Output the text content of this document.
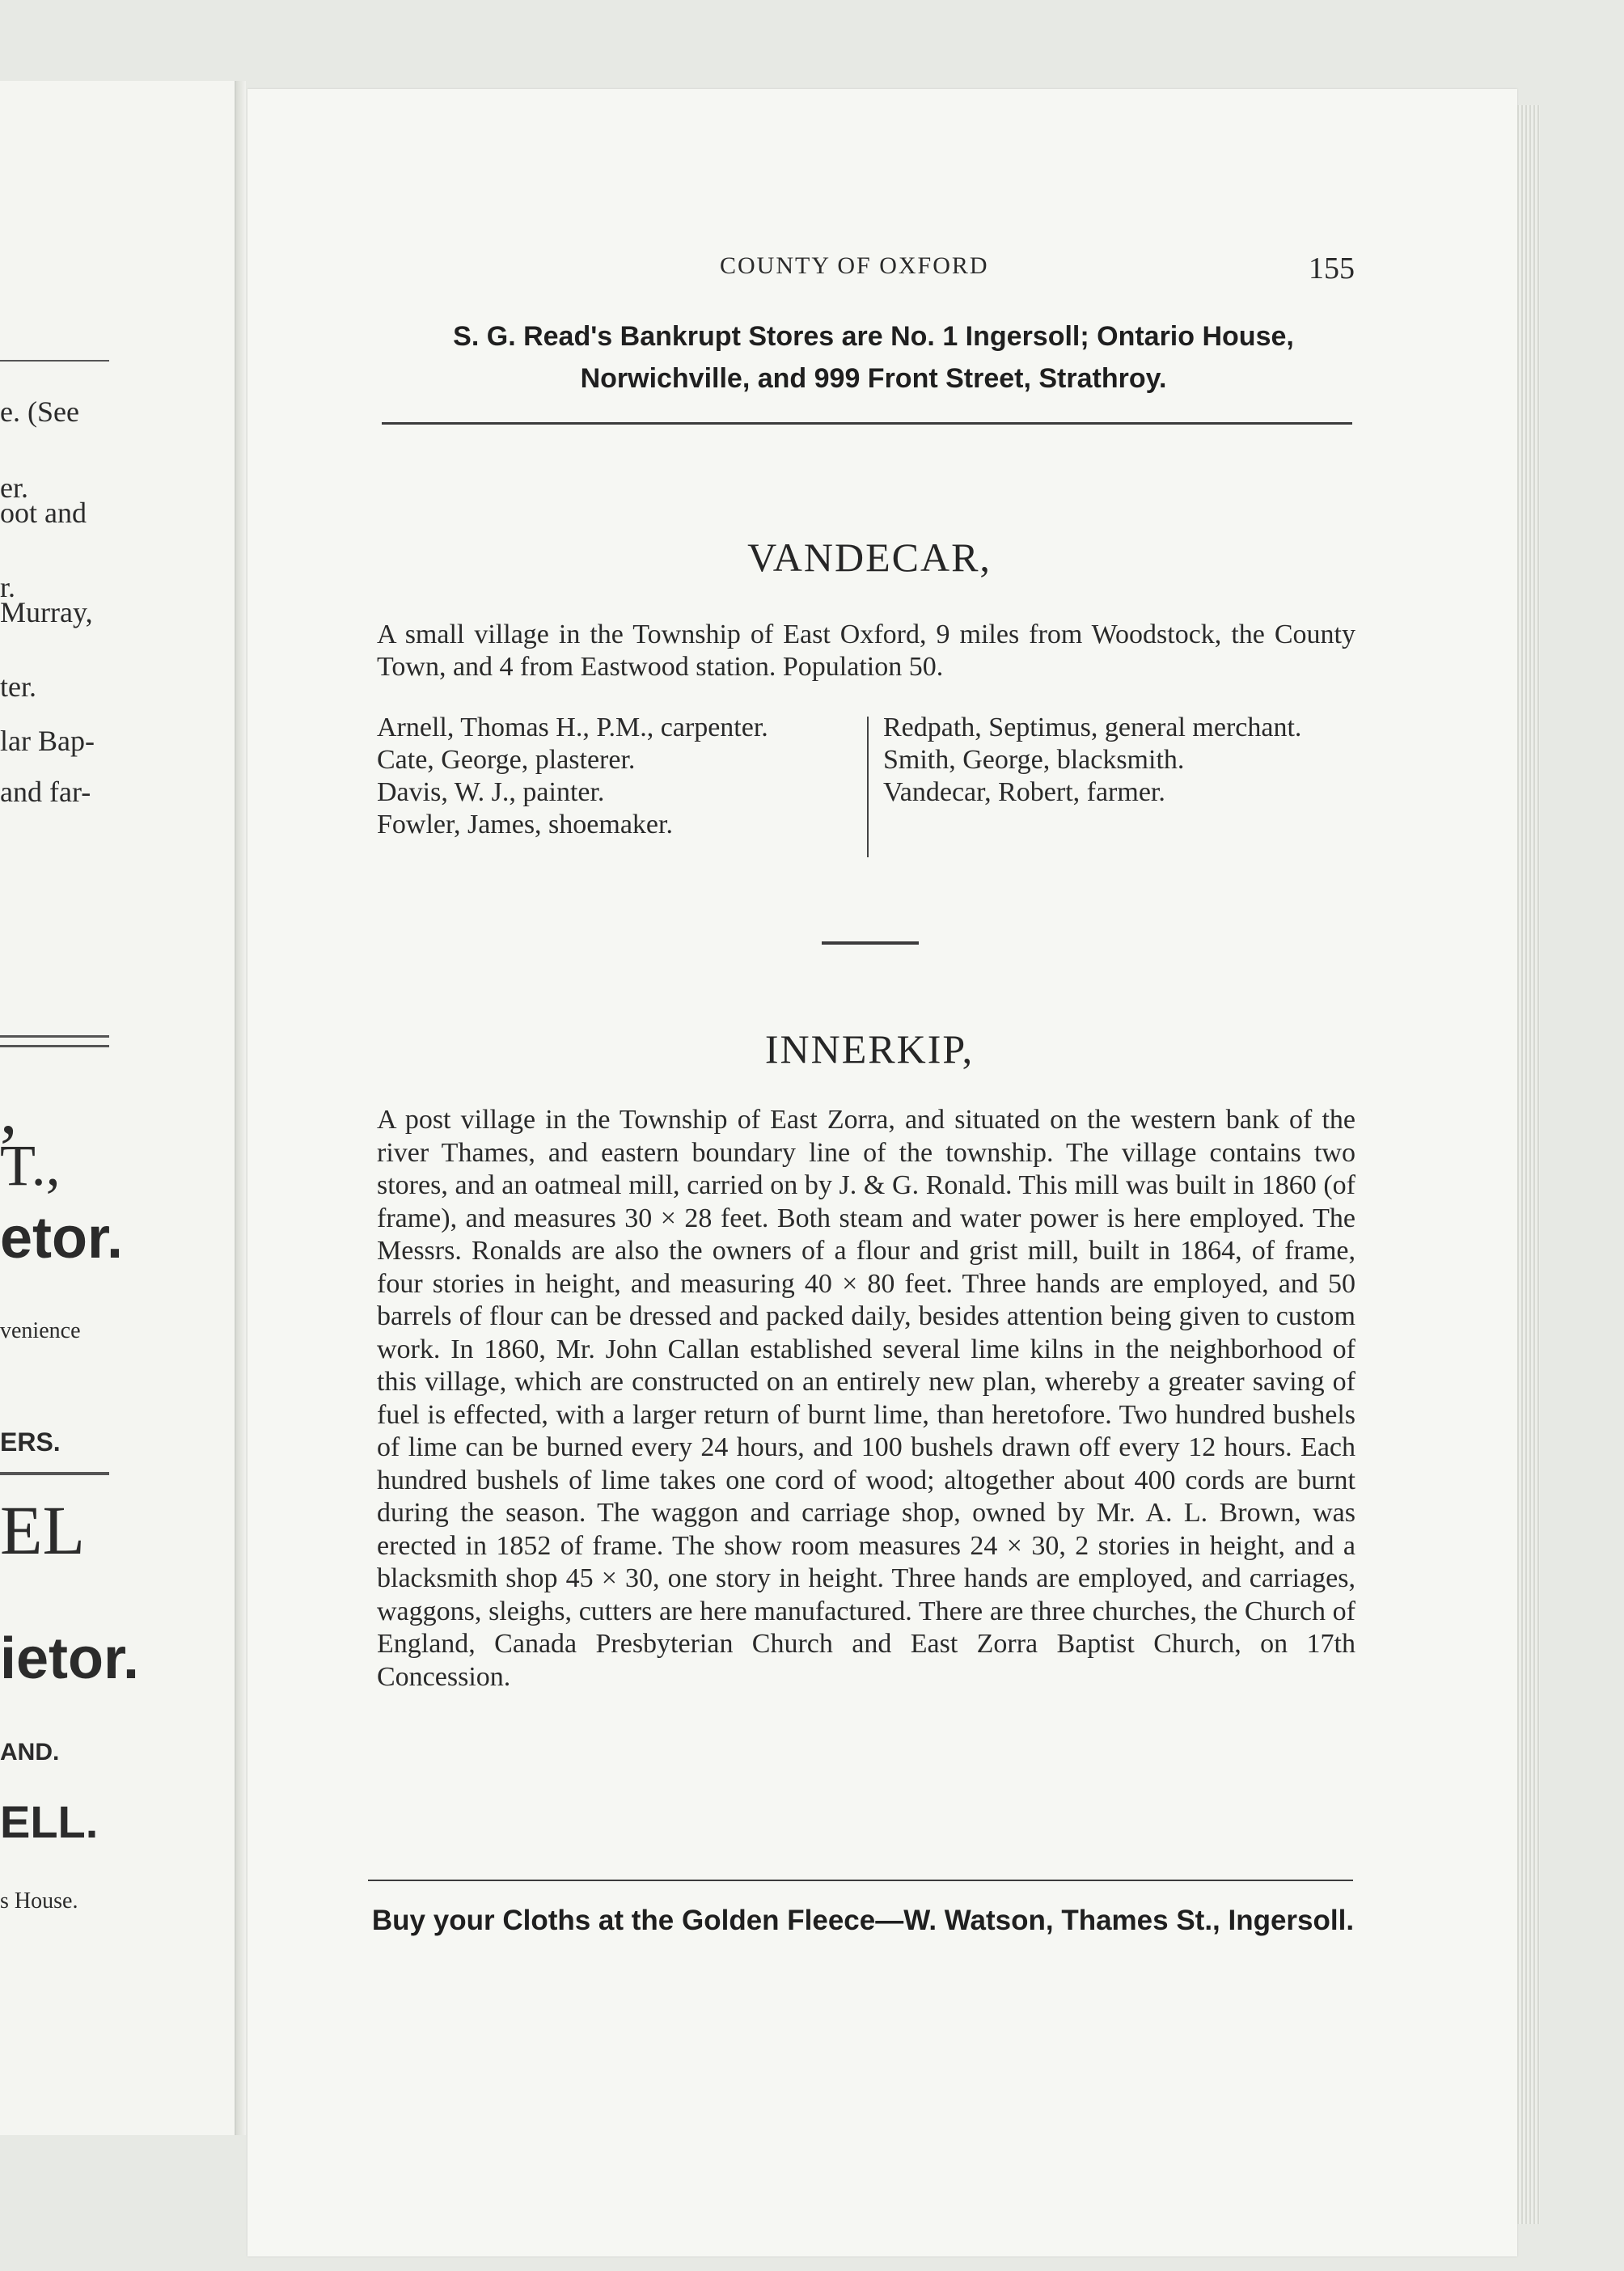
e. (See
er.
oot and
r.
Murray,
ter.
lar Bap-
and far-
,
T.,
etor.
venience
ERS.
EL
ietor.
AND.
ELL.
s House.
COUNTY OF OXFORD	155
S. G. Read's Bankrupt Stores are No. 1 Ingersoll; Ontario House,
Norwichville, and 999 Front Street, Strathroy.
VANDECAR,
A small village in the Township of East Oxford, 9 miles from Woodstock, the County Town, and 4 from Eastwood station. Population 50.
Arnell, Thomas H., P.M., carpenter.
Cate, George, plasterer.
Davis, W. J., painter.
Fowler, James, shoemaker.
Redpath, Septimus, general merchant.
Smith, George, blacksmith.
Vandecar, Robert, farmer.
INNERKIP,
A post village in the Township of East Zorra, and situated on the western bank of the river Thames, and eastern boundary line of the township. The village contains two stores, and an oatmeal mill, carried on by J. & G. Ronald. This mill was built in 1860 (of frame), and measures 30 × 28 feet. Both steam and water power is here employed. The Messrs. Ronalds are also the owners of a flour and grist mill, built in 1864, of frame, four stories in height, and measuring 40 × 80 feet. Three hands are employed, and 50 barrels of flour can be dressed and packed daily, besides attention being given to custom work. In 1860, Mr. John Callan established several lime kilns in the neighborhood of this village, which are constructed on an entirely new plan, whereby a greater saving of fuel is effected, with a larger return of burnt lime, than heretofore. Two hundred bushels of lime can be burned every 24 hours, and 100 bushels drawn off every 12 hours. Each hundred bushels of lime takes one cord of wood; altogether about 400 cords are burnt during the season. The waggon and carriage shop, owned by Mr. A. L. Brown, was erected in 1852 of frame. The show room measures 24 × 30, 2 stories in height, and a blacksmith shop 45 × 30, one story in height. Three hands are employed, and carriages, waggons, sleighs, cutters are here manufactured. There are three churches, the Church of England, Canada Presbyterian Church and East Zorra Baptist Church, on 17th Concession.
Buy your Cloths at the Golden Fleece—W. Watson, Thames St., Ingersoll.
